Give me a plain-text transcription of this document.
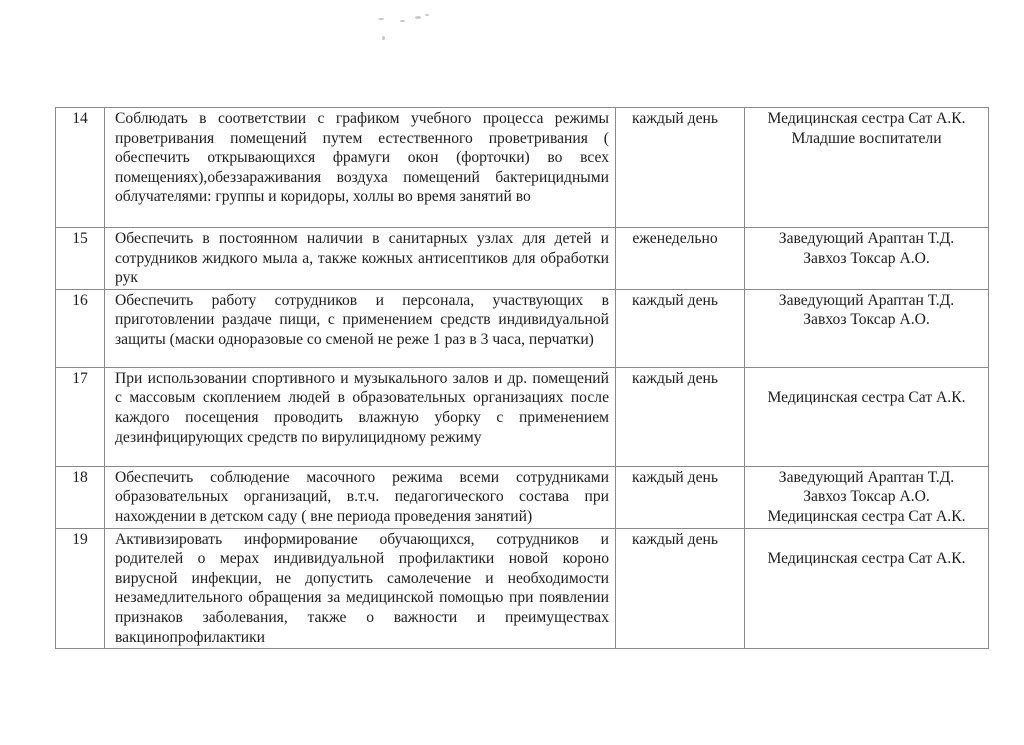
14	Соблюдать в соответствии с графиком учебного процесса режимы проветривания помещений путем естественного проветривания ( обеспечить открывающихся фрамуги окон (форточки) во всех помещениях),обеззараживания воздуха помещений бактерицидными облучателями: группы и коридоры, холлы во время занятий во	каждый день	Медицинская сестра Сат А.К.
Младшие воспитатели

15	Обеспечить в постоянном наличии в санитарных узлах для детей и сотрудников жидкого мыла а, также кожных антисептиков для обработки рук	еженедельно	Заведующий Араптан Т.Д.
Завхоз Токсар А.О.

16	Обеспечить работу сотрудников и персонала, участвующих в приготовлении раздаче пищи, с применением средств индивидуальной защиты (маски одноразовые со сменой не реже 1 раз в 3 часа, перчатки)	каждый день	Заведующий Араптан Т.Д.
Завхоз Токсар А.О.

17	При использовании спортивного и музыкального залов и др. помещений с массовым скоплением людей в образовательных организациях после каждого посещения проводить влажную уборку с применением дезинфицирующих средств по вирулицидному режиму	каждый день	Медицинская сестра Сат А.К.

18	Обеспечить соблюдение масочного режима всеми сотрудниками образовательных организаций, в.т.ч. педагогического состава при нахождении в детском саду ( вне периода проведения занятий)	каждый день	Заведующий Араптан Т.Д.
Завхоз Токсар А.О.
Медицинская сестра Сат А.К.

19	Активизировать информирование обучающихся, сотрудников и родителей о мерах индивидуальной профилактики новой короно вирусной инфекции, не допустить самолечение и необходимости незамедлительного обращения за медицинской помощью при появлении признаков заболевания, также о важности и преимуществах вакцинопрофилактики	каждый день	Медицинская сестра Сат А.К.
